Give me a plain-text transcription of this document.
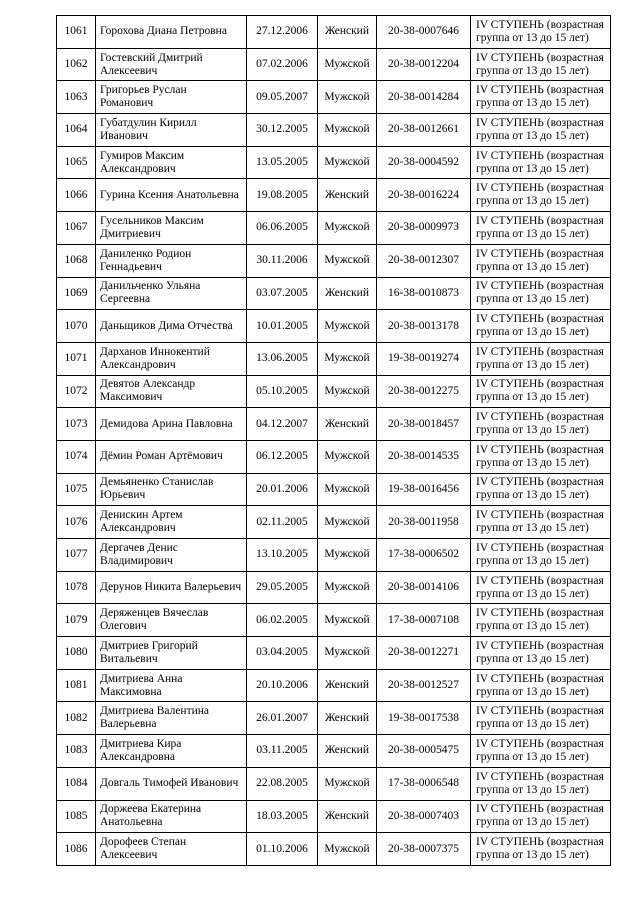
1061	Горохова Диана Петровна	27.12.2006	Женский	20-38-0007646	IV СТУПЕНЬ (возрастная группа от 13 до 15 лет)
1062	Гостевский Дмитрий Алексеевич	07.02.2006	Мужской	20-38-0012204	IV СТУПЕНЬ (возрастная группа от 13 до 15 лет)
1063	Григорьев Руслан Романович	09.05.2007	Мужской	20-38-0014284	IV СТУПЕНЬ (возрастная группа от 13 до 15 лет)
1064	Губатдулин Кирилл Иванович	30.12.2005	Мужской	20-38-0012661	IV СТУПЕНЬ (возрастная группа от 13 до 15 лет)
1065	Гумиров Максим Александрович	13.05.2005	Мужской	20-38-0004592	IV СТУПЕНЬ (возрастная группа от 13 до 15 лет)
1066	Гурина Ксения Анатольевна	19.08.2005	Женский	20-38-0016224	IV СТУПЕНЬ (возрастная группа от 13 до 15 лет)
1067	Гусельников Максим Дмитриевич	06.06.2005	Мужской	20-38-0009973	IV СТУПЕНЬ (возрастная группа от 13 до 15 лет)
1068	Даниленко Родион Геннадьевич	30.11.2006	Мужской	20-38-0012307	IV СТУПЕНЬ (возрастная группа от 13 до 15 лет)
1069	Данильченко Ульяна Сергеевна	03.07.2005	Женский	16-38-0010873	IV СТУПЕНЬ (возрастная группа от 13 до 15 лет)
1070	Даньщиков Дима Отчества	10.01.2005	Мужской	20-38-0013178	IV СТУПЕНЬ (возрастная группа от 13 до 15 лет)
1071	Дарханов Иннокентий Александрович	13.06.2005	Мужской	19-38-0019274	IV СТУПЕНЬ (возрастная группа от 13 до 15 лет)
1072	Девятов Александр Максимович	05.10.2005	Мужской	20-38-0012275	IV СТУПЕНЬ (возрастная группа от 13 до 15 лет)
1073	Демидова Арина Павловна	04.12.2007	Женский	20-38-0018457	IV СТУПЕНЬ (возрастная группа от 13 до 15 лет)
1074	Дёмин Роман Артёмович	06.12.2005	Мужской	20-38-0014535	IV СТУПЕНЬ (возрастная группа от 13 до 15 лет)
1075	Демьяненко Станислав Юрьевич	20.01.2006	Мужской	19-38-0016456	IV СТУПЕНЬ (возрастная группа от 13 до 15 лет)
1076	Денискин Артем Александрович	02.11.2005	Мужской	20-38-0011958	IV СТУПЕНЬ (возрастная группа от 13 до 15 лет)
1077	Дергачев Денис Владимирович	13.10.2005	Мужской	17-38-0006502	IV СТУПЕНЬ (возрастная группа от 13 до 15 лет)
1078	Дерунов Никита Валерьевич	29.05.2005	Мужской	20-38-0014106	IV СТУПЕНЬ (возрастная группа от 13 до 15 лет)
1079	Деряженцев Вячеслав Олегович	06.02.2005	Мужской	17-38-0007108	IV СТУПЕНЬ (возрастная группа от 13 до 15 лет)
1080	Дмитриев Григорий Витальевич	03.04.2005	Мужской	20-38-0012271	IV СТУПЕНЬ (возрастная группа от 13 до 15 лет)
1081	Дмитриева Анна Максимовна	20.10.2006	Женский	20-38-0012527	IV СТУПЕНЬ (возрастная группа от 13 до 15 лет)
1082	Дмитриева Валентина Валерьевна	26.01.2007	Женский	19-38-0017538	IV СТУПЕНЬ (возрастная группа от 13 до 15 лет)
1083	Дмитриева Кира Александровна	03.11.2005	Женский	20-38-0005475	IV СТУПЕНЬ (возрастная группа от 13 до 15 лет)
1084	Довгаль Тимофей Иванович	22.08.2005	Мужской	17-38-0006548	IV СТУПЕНЬ (возрастная группа от 13 до 15 лет)
1085	Доржеева Екатерина Анатольевна	18.03.2005	Женский	20-38-0007403	IV СТУПЕНЬ (возрастная группа от 13 до 15 лет)
1086	Дорофеев Степан Алексеевич	01.10.2006	Мужской	20-38-0007375	IV СТУПЕНЬ (возрастная группа от 13 до 15 лет)
